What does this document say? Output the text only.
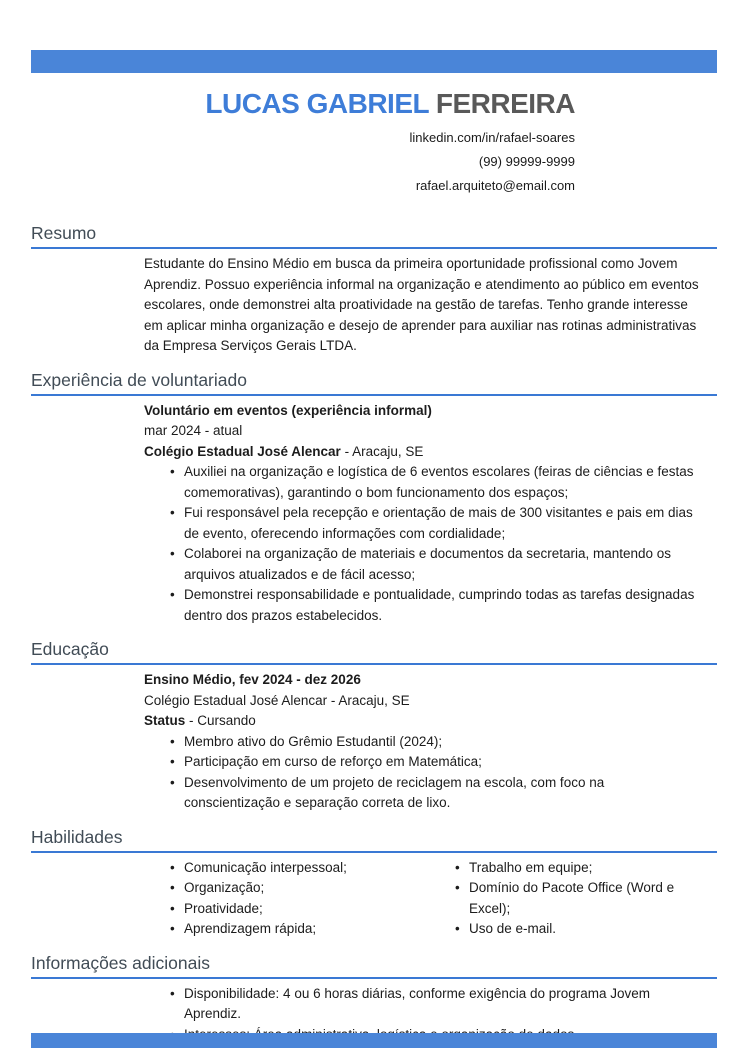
LUCAS GABRIEL FERREIRA
linkedin.com/in/rafael-soares
(99) 99999-9999
rafael.arquiteto@email.com
Resumo
Estudante do Ensino Médio em busca da primeira oportunidade profissional como Jovem Aprendiz. Possuo experiência informal na organização e atendimento ao público em eventos escolares, onde demonstrei alta proatividade na gestão de tarefas. Tenho grande interesse em aplicar minha organização e desejo de aprender para auxiliar nas rotinas administrativas da Empresa Serviços Gerais LTDA.
Experiência de voluntariado
Voluntário em eventos (experiência informal)
mar 2024 - atual
Colégio Estadual José Alencar - Aracaju, SE
• Auxiliei na organização e logística de 6 eventos escolares (feiras de ciências e festas comemorativas), garantindo o bom funcionamento dos espaços;
• Fui responsável pela recepção e orientação de mais de 300 visitantes e pais em dias de evento, oferecendo informações com cordialidade;
• Colaborei na organização de materiais e documentos da secretaria, mantendo os arquivos atualizados e de fácil acesso;
• Demonstrei responsabilidade e pontualidade, cumprindo todas as tarefas designadas dentro dos prazos estabelecidos.
Educação
Ensino Médio, fev 2024 - dez 2026
Colégio Estadual José Alencar - Aracaju, SE
Status - Cursando
• Membro ativo do Grêmio Estudantil (2024);
• Participação em curso de reforço em Matemática;
• Desenvolvimento de um projeto de reciclagem na escola, com foco na conscientização e separação correta de lixo.
Habilidades
• Comunicação interpessoal;
• Organização;
• Proatividade;
• Aprendizagem rápida;
• Trabalho em equipe;
• Domínio do Pacote Office (Word e Excel);
• Uso de e-mail.
Informações adicionais
• Disponibilidade: 4 ou 6 horas diárias, conforme exigência do programa Jovem Aprendiz.
•
